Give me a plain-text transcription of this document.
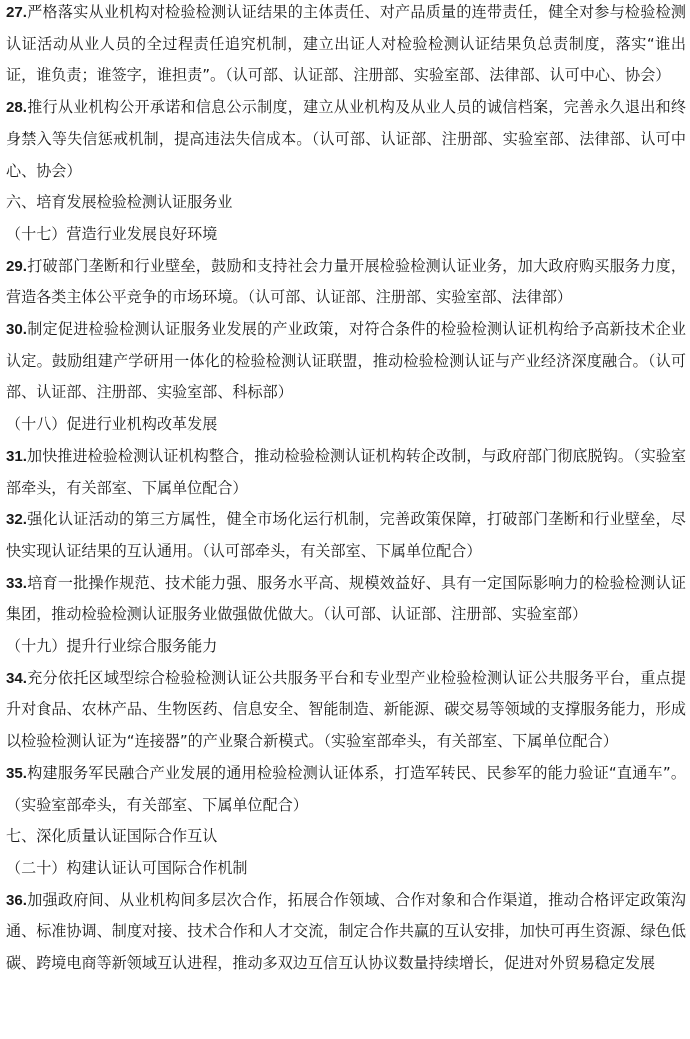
27.严格落实从业机构对检验检测认证结果的主体责任、对产品质量的连带责任，健全对参与检验检测认证活动从业人员的全过程责任追究机制，建立出证人对检验检测认证结果负总责制度，落实“谁出证，谁负责；谁签字，谁担责”。（认可部、认证部、注册部、实验室部、法律部、认可中心、协会）

28.推行从业机构公开承诺和信息公示制度，建立从业机构及从业人员的诚信档案，完善永久退出和终身禁入等失信惩戒机制，提高违法失信成本。（认可部、认证部、注册部、实验室部、法律部、认可中心、协会）

六、培育发展检验检测认证服务业

（十七）营造行业发展良好环境

29.打破部门垄断和行业壁垒，鼓励和支持社会力量开展检验检测认证业务，加大政府购买服务力度，营造各类主体公平竞争的市场环境。（认可部、认证部、注册部、实验室部、法律部）

30.制定促进检验检测认证服务业发展的产业政策，对符合条件的检验检测认证机构给予高新技术企业认定。鼓励组建产学研用一体化的检验检测认证联盟，推动检验检测认证与产业经济深度融合。（认可部、认证部、注册部、实验室部、科标部）

（十八）促进行业机构改革发展

31.加快推进检验检测认证机构整合，推动检验检测认证机构转企改制，与政府部门彻底脱钩。（实验室部牵头，有关部室、下属单位配合）

32.强化认证活动的第三方属性，健全市场化运行机制，完善政策保障，打破部门垄断和行业壁垒，尽快实现认证结果的互认通用。（认可部牵头，有关部室、下属单位配合）

33.培育一批操作规范、技术能力强、服务水平高、规模效益好、具有一定国际影响力的检验检测认证集团，推动检验检测认证服务业做强做优做大。（认可部、认证部、注册部、实验室部）

（十九）提升行业综合服务能力

34.充分依托区域型综合检验检测认证公共服务平台和专业型产业检验检测认证公共服务平台，重点提升对食品、农林产品、生物医药、信息安全、智能制造、新能源、碳交易等领域的支撑服务能力，形成以检验检测认证为“连接器”的产业聚合新模式。（实验室部牵头，有关部室、下属单位配合）

35.构建服务军民融合产业发展的通用检验检测认证体系，打造军转民、民参军的能力验证“直通车”。（实验室部牵头，有关部室、下属单位配合）

七、深化质量认证国际合作互认

（二十）构建认证认可国际合作机制

36.加强政府间、从业机构间多层次合作，拓展合作领域、合作对象和合作渠道，推动合格评定政策沟通、标准协调、制度对接、技术合作和人才交流，制定合作共赢的互认安排，加快可再生资源、绿色低碳、跨境电商等新领域互认进程，推动多双边互信互认协议数量持续增长，促进对外贸易稳定发展
